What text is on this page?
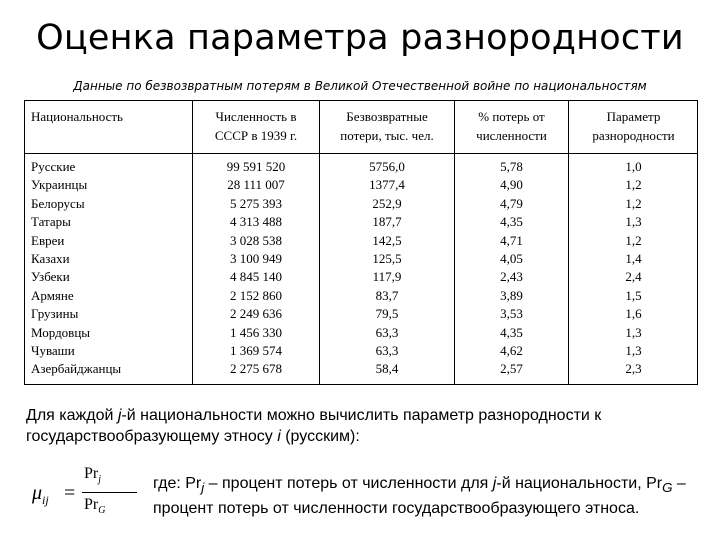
Оценка параметра разнородности
Данные по безвозвратным потерям в Великой Отечественной войне по национальностям
Национальность	Численность в
СССР в 1939 г.
Безвозвратные
потери, тыс. чел.
% потерь от
численности
Параметр
разнородности
Русские
Украинцы
Белорусы
Татары
Евреи
Казахи
Узбеки
Армяне
Грузины
Мордовцы
Чуваши
Азербайджанцы
99 591 520
28 111 007
5 275 393
4 313 488
3 028 538
3 100 949
4 845 140
2 152 860
2 249 636
1 456 330
1 369 574
2 275 678
5756,0
1377,4
252,9
187,7
142,5
125,5
117,9
83,7
79,5
63,3
63,3
58,4
5,78
4,90
4,79
4,35
4,71
4,05
2,43
3,89
3,53
4,35
4,62
2,57
1,0
1,2
1,2
1,3
1,2
1,4
2,4
1,5
1,6
1,3
1,3
2,3
Для каждой j-й национальности можно вычислить параметр разнородности к государствообразующему этносу i (русским):
$\mu_{ij}$ =
$Pr_j$
$Pr_G$
где: $Pr_j$ – процент потерь от численности для j-й национальности, $Pr_G$ – процент потерь от численности государствообразующего этноса.
